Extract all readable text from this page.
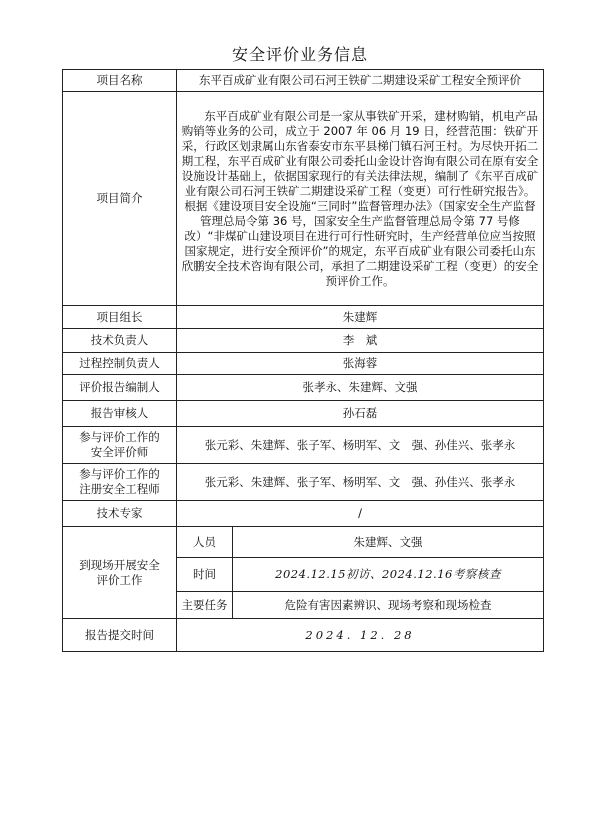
安全评价业务信息
项目名称	东平百成矿业有限公司石河王铁矿二期建设采矿工程安全预评价	
项目简介	东平百成矿业有限公司是一家从事铁矿开采，建材购销，机电产品购销等业务的公司，成立于 2007 年 06 月 19 日，经营范围：铁矿开采，行政区划隶属山东省泰安市东平县梯门镇石河王村。为尽快开拓二期工程，东平百成矿业有限公司委托山金设计咨询有限公司在原有安全设施设计基础上，依据国家现行的有关法律法规，编制了《东平百成矿业有限公司石河王铁矿二期建设采矿工程（变更）可行性研究报告》。根据《建设项目安全设施“三同时”监督管理办法》（国家安全生产监督管理总局令第 36 号，国家安全生产监督管理总局令第 77 号修改）“非煤矿山建设项目在进行可行性研究时，生产经营单位应当按照国家规定，进行安全预评价”的规定，东平百成矿业有限公司委托山东欣鹏安全技术咨询有限公司，承担了二期建设采矿工程（变更）的安全预评价工作。	
项目组长	朱建辉	
技术负责人	李　斌	
过程控制负责人	张海蓉	
评价报告编制人	张孝永、朱建辉、文强	
报告审核人	孙石磊	

参与评价工作的
安全评价师	张元彩、朱建辉、张子军、杨明军、文　强、孙佳兴、张孝永	

参与评价工作的
注册安全工程师	张元彩、朱建辉、张子军、杨明军、文　强、孙佳兴、张孝永	
技术专家	/	

到现场开展安全
评价工作	人员	朱建辉、文强
	时间	2024.12.15初访、2024.12.16考察核查
	主要任务	危险有害因素辨识、现场考察和现场检查
报告提交时间	2024. 12. 28	
